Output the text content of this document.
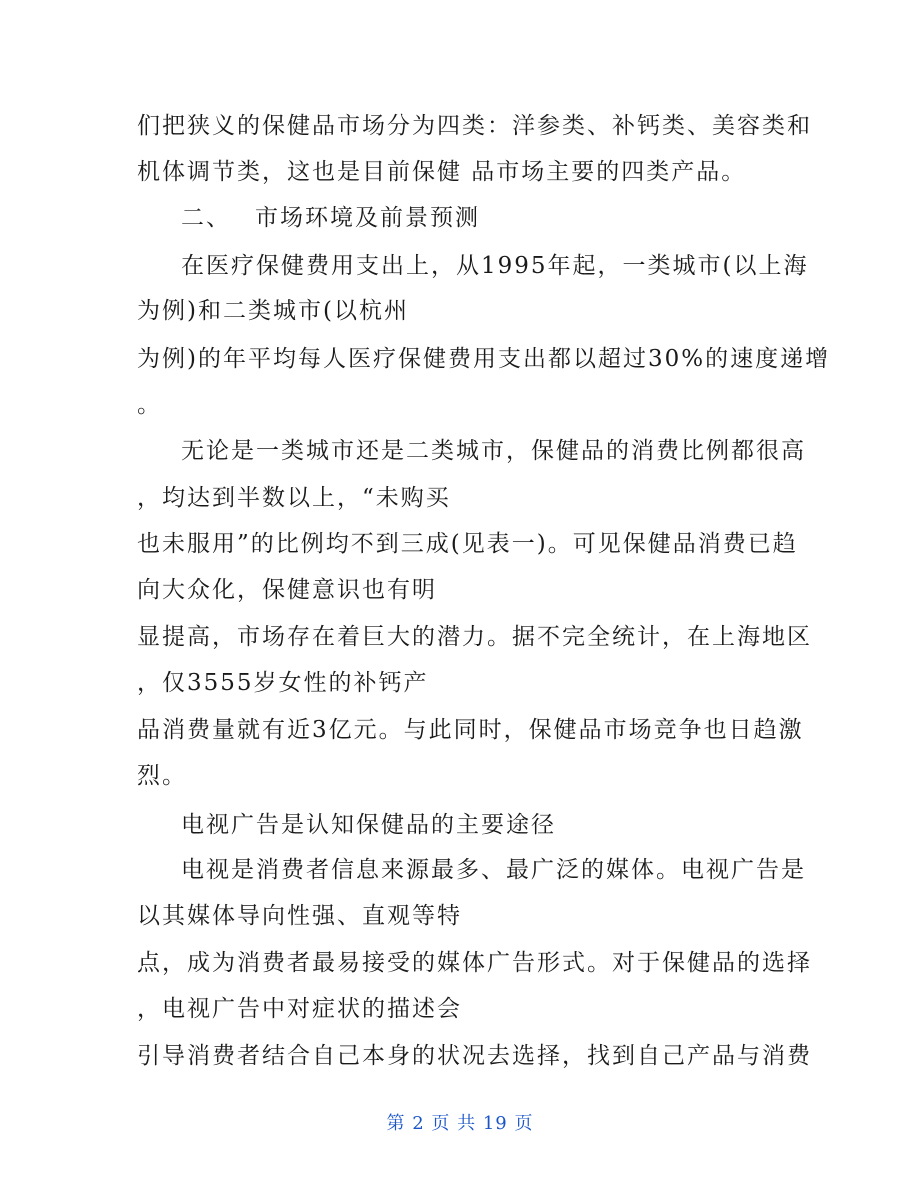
们把狭义的保健品市场分为四类：洋参类、补钙类、美容类和
机体调节类，这也是目前保健 品市场主要的四类产品。
二、 市场环境及前景预测
在医疗保健费用支出上，从1995年起，一类城市(以上海
为例)和二类城市(以杭州
为例)的年平均每人医疗保健费用支出都以超过30%的速度递增
。
无论是一类城市还是二类城市，保健品的消费比例都很高
，均达到半数以上，“未购买
也未服用”的比例均不到三成(见表一)。可见保健品消费已趋
向大众化，保健意识也有明
显提高，市场存在着巨大的潜力。据不完全统计，在上海地区
，仅3555岁女性的补钙产
品消费量就有近3亿元。与此同时，保健品市场竞争也日趋激
烈。
电视广告是认知保健品的主要途径
电视是消费者信息来源最多、最广泛的媒体。电视广告是
以其媒体导向性强、直观等特
点，成为消费者最易接受的媒体广告形式。对于保健品的选择
，电视广告中对症状的描述会
引导消费者结合自己本身的状况去选择，找到自己产品与消费
第 2 页 共 19 页
